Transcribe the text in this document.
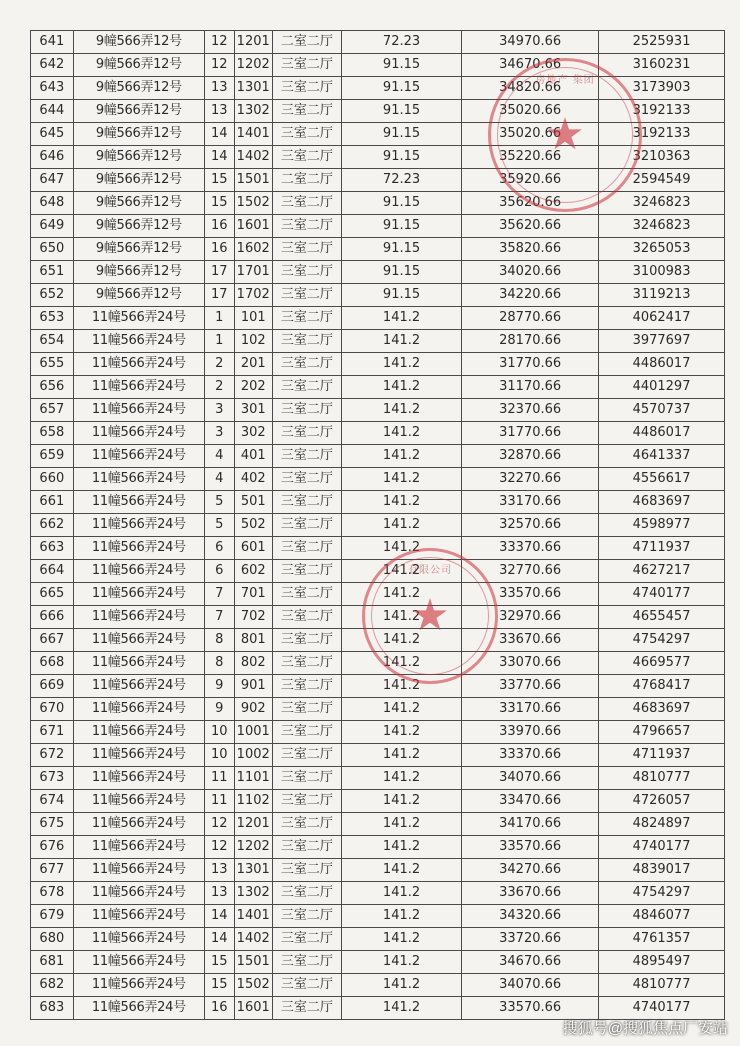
641	9幢566弄12号	12	1201	二室二厅	72.23	34970.66	2525931
642	9幢566弄12号	12	1202	三室二厅	91.15	34670.66	3160231
643	9幢566弄12号	13	1301	三室二厅	91.15	34820.66	3173903
644	9幢566弄12号	13	1302	三室二厅	91.15	35020.66	3192133
645	9幢566弄12号	14	1401	三室二厅	91.15	35020.66	3192133
646	9幢566弄12号	14	1402	三室二厅	91.15	35220.66	3210363
647	9幢566弄12号	15	1501	二室二厅	72.23	35920.66	2594549
648	9幢566弄12号	15	1502	三室二厅	91.15	35620.66	3246823
649	9幢566弄12号	16	1601	三室二厅	91.15	35620.66	3246823
650	9幢566弄12号	16	1602	三室二厅	91.15	35820.66	3265053
651	9幢566弄12号	17	1701	三室二厅	91.15	34020.66	3100983
652	9幢566弄12号	17	1702	三室二厅	91.15	34220.66	3119213
653	11幢566弄24号	1	101	三室二厅	141.2	28770.66	4062417
654	11幢566弄24号	1	102	三室二厅	141.2	28170.66	3977697
655	11幢566弄24号	2	201	三室二厅	141.2	31770.66	4486017
656	11幢566弄24号	2	202	三室二厅	141.2	31170.66	4401297
657	11幢566弄24号	3	301	三室二厅	141.2	32370.66	4570737
658	11幢566弄24号	3	302	三室二厅	141.2	31770.66	4486017
659	11幢566弄24号	4	401	三室二厅	141.2	32870.66	4641337
660	11幢566弄24号	4	402	三室二厅	141.2	32270.66	4556617
661	11幢566弄24号	5	501	三室二厅	141.2	33170.66	4683697
662	11幢566弄24号	5	502	三室二厅	141.2	32570.66	4598977
663	11幢566弄24号	6	601	三室二厅	141.2	33370.66	4711937
664	11幢566弄24号	6	602	三室二厅	141.2	32770.66	4627217
665	11幢566弄24号	7	701	三室二厅	141.2	33570.66	4740177
666	11幢566弄24号	7	702	三室二厅	141.2	32970.66	4655457
667	11幢566弄24号	8	801	三室二厅	141.2	33670.66	4754297
668	11幢566弄24号	8	802	三室二厅	141.2	33070.66	4669577
669	11幢566弄24号	9	901	三室二厅	141.2	33770.66	4768417
670	11幢566弄24号	9	902	三室二厅	141.2	33170.66	4683697
671	11幢566弄24号	10	1001	三室二厅	141.2	33970.66	4796657
672	11幢566弄24号	10	1002	三室二厅	141.2	33370.66	4711937
673	11幢566弄24号	11	1101	三室二厅	141.2	34070.66	4810777
674	11幢566弄24号	11	1102	三室二厅	141.2	33470.66	4726057
675	11幢566弄24号	12	1201	三室二厅	141.2	34170.66	4824897
676	11幢566弄24号	12	1202	三室二厅	141.2	33570.66	4740177
677	11幢566弄24号	13	1301	三室二厅	141.2	34270.66	4839017
678	11幢566弄24号	13	1302	三室二厅	141.2	33670.66	4754297
679	11幢566弄24号	14	1401	三室二厅	141.2	34320.66	4846077
680	11幢566弄24号	14	1402	三室二厅	141.2	33720.66	4761357
681	11幢566弄24号	15	1501	三室二厅	141.2	34670.66	4895497
682	11幢566弄24号	15	1502	三室二厅	141.2	34070.66	4810777
683	11幢566弄24号	16	1601	三室二厅	141.2	33570.66	4740177
房地产 集团
★
有限公司
★
搜狐号@搜狐焦点厂安站
